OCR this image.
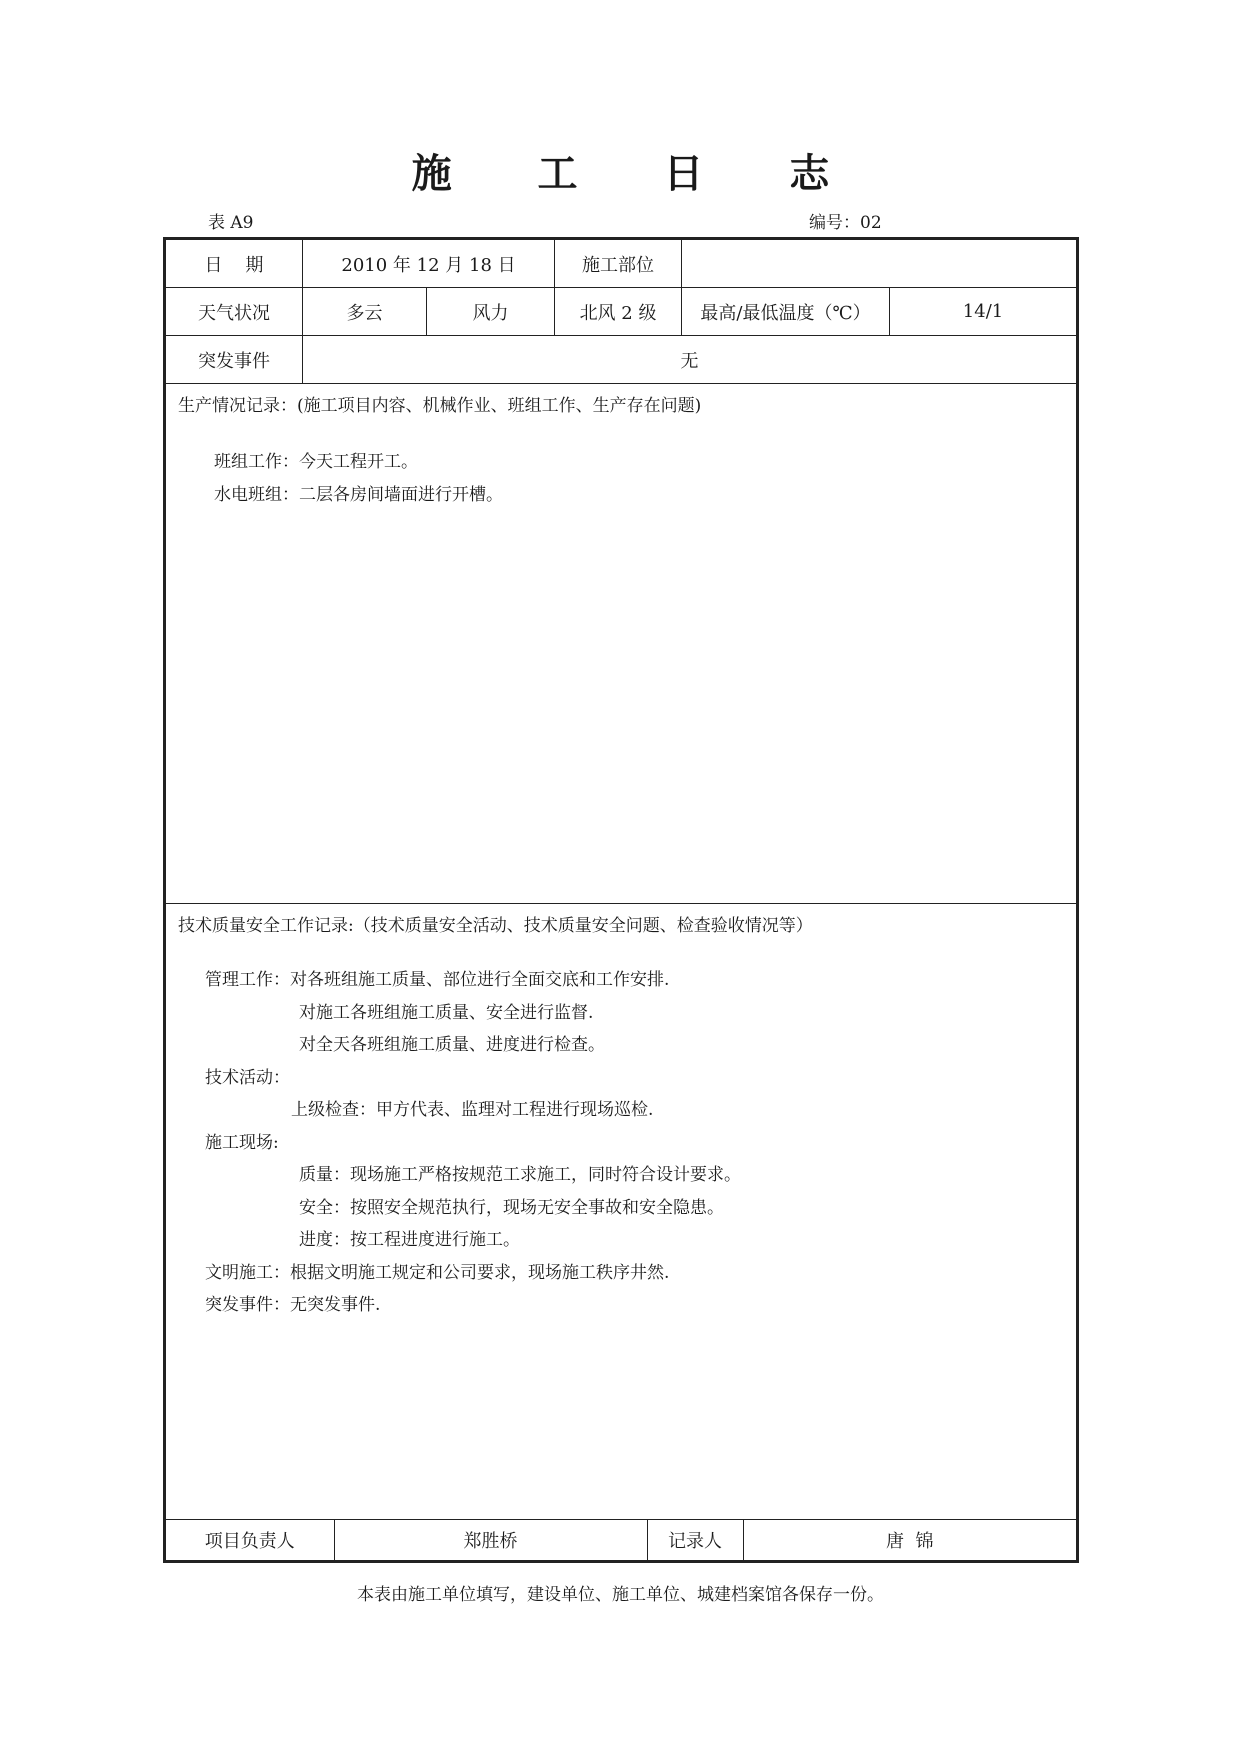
施 工 日 志
表 A9	编号：02
日    期	2010 年 12 月 18 日	施工部位	
天气状况	多云	风力	北风 2 级	最高/最低温度（℃）	14/1
突发事件	无

生产情况记录：(施工项目内容、机械作业、班组工作、生产存在问题)
班组工作：今天工程开工。
水电班组：二层各房间墙面进行开槽。

技术质量安全工作记录:（技术质量安全活动、技术质量安全问题、检查验收情况等）
管理工作：对各班组施工质量、部位进行全面交底和工作安排.
对施工各班组施工质量、安全进行监督.
对全天各班组施工质量、进度进行检查。
技术活动：
上级检查：甲方代表、监理对工程进行现场巡检.
施工现场:
质量：现场施工严格按规范工求施工，同时符合设计要求。
安全：按照安全规范执行，现场无安全事故和安全隐患。
进度：按工程进度进行施工。
文明施工：根据文明施工规定和公司要求，现场施工秩序井然.
突发事件：无突发事件.

项目负责人	郑胜桥	记录人	唐  锦
本表由施工单位填写，建设单位、施工单位、城建档案馆各保存一份。
